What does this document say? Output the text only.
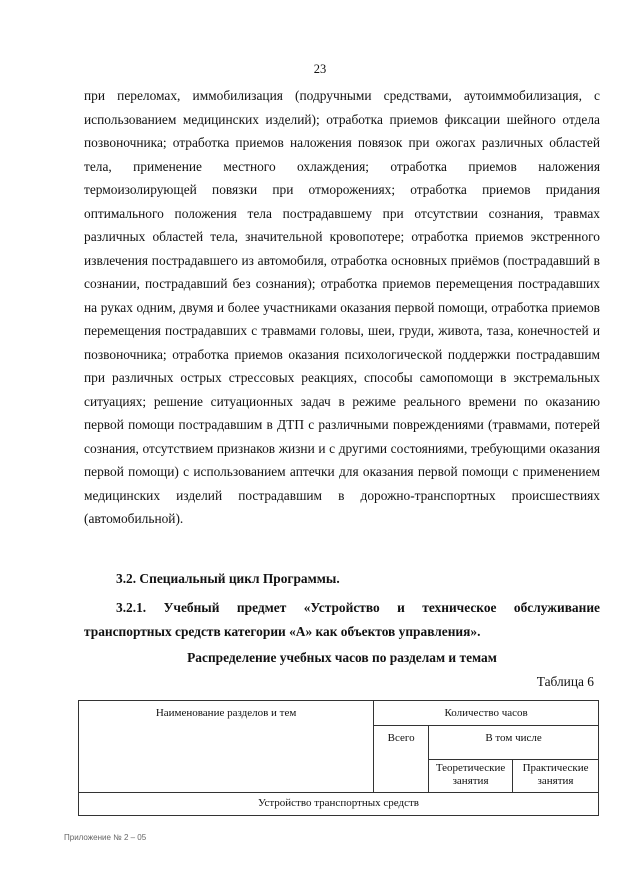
23

при переломах, иммобилизация (подручными средствами, аутоиммобилизация, с использованием медицинских изделий); отработка приемов фиксации шейного отдела позвоночника; отработка приемов наложения повязок при ожогах различных областей тела, применение местного охлаждения; отработка приемов наложения термоизолирующей повязки при отморожениях; отработка приемов придания оптимального положения тела пострадавшему при отсутствии сознания, травмах различных областей тела, значительной кровопотере; отработка приемов экстренного извлечения пострадавшего из автомобиля, отработка основных приёмов (пострадавший в сознании, пострадавший без сознания); отработка приемов перемещения пострадавших на руках одним, двумя и более участниками оказания первой помощи, отработка приемов перемещения пострадавших с травмами головы, шеи, груди, живота, таза, конечностей и позвоночника; отработка приемов оказания психологической поддержки пострадавшим при различных острых стрессовых реакциях, способы самопомощи в экстремальных ситуациях; решение ситуационных задач в режиме реального времени по оказанию первой помощи пострадавшим в ДТП с различными повреждениями (травмами, потерей сознания, отсутствием признаков жизни и с другими состояниями, требующими оказания первой помощи) с использованием аптечки для оказания первой помощи с применением медицинских изделий пострадавшим в дорожно-транспортных происшествиях (автомобильной).

3.2. Специальный цикл Программы.

3.2.1. Учебный предмет «Устройство и техническое обслуживание транспортных средств категории «А» как объектов управления».

Распределение учебных часов по разделам и темам

Таблица 6
Наименование разделов и тем	Количество часов		
	Всего	В том числе	
		Теоретические занятия	Практические занятия
Устройство транспортных средств			
Приложение № 2 – 05
